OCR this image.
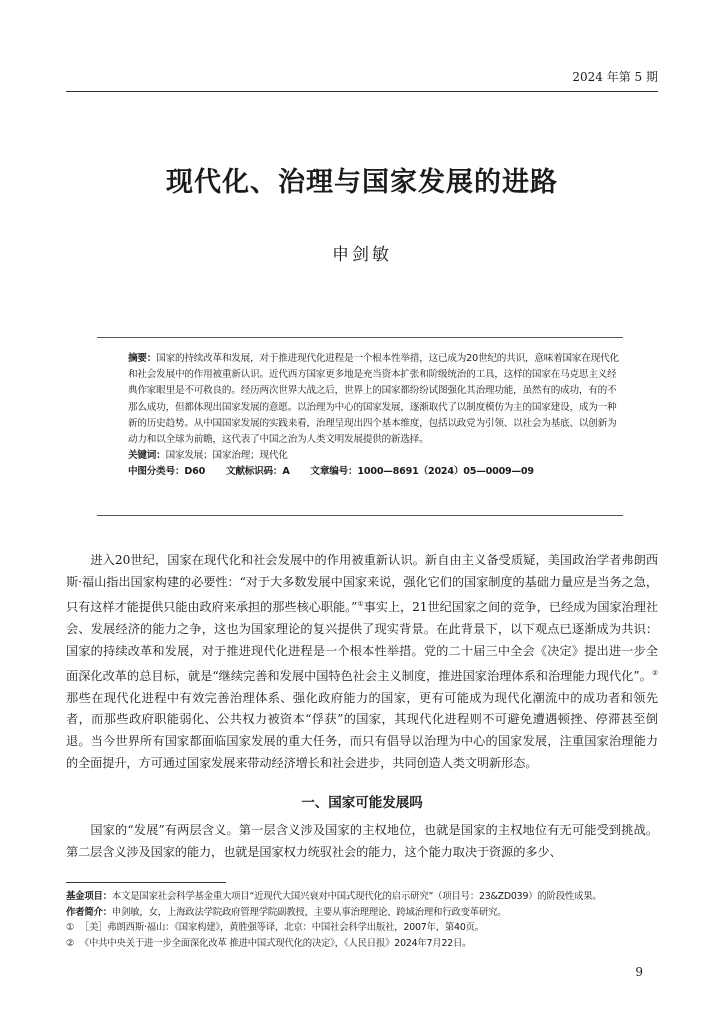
2024 年第 5 期
现代化、治理与国家发展的进路
申剑敏
摘要：国家的持续改革和发展，对于推进现代化进程是一个根本性举措，这已成为20世纪的共识，意味着国家在现代化和社会发展中的作用被重新认识。近代西方国家更多地是充当资本扩张和阶级统治的工具，这样的国家在马克思主义经典作家眼里是不可救良的。经历两次世界大战之后，世界上的国家都纷纷试图强化其治理功能，虽然有的成功，有的不那么成功，但都体现出国家发展的意愿。以治理为中心的国家发展，逐渐取代了以制度模仿为主的国家建设，成为一种新的历史趋势。从中国国家发展的实践来看，治理呈现出四个基本维度，包括以政党为引领、以社会为基底、以创新为动力和以全球为前瞻，这代表了中国之治为人类文明发展提供的新选择。
关键词：国家发展；国家治理；现代化
中图分类号：D60 文献标识码：A 文章编号：1000—8691（2024）05—0009—09

进入20世纪，国家在现代化和社会发展中的作用被重新认识。新自由主义备受质疑，美国政治学者弗朗西斯·福山指出国家构建的必要性：“对于大多数发展中国家来说，强化它们的国家制度的基础力量应是当务之急，只有这样才能提供只能由政府来承担的那些核心职能。”①事实上，21世纪国家之间的竞争，已经成为国家治理社会、发展经济的能力之争，这也为国家理论的复兴提供了现实背景。在此背景下，以下观点已逐渐成为共识：国家的持续改革和发展，对于推进现代化进程是一个根本性举措。党的二十届三中全会《决定》提出进一步全面深化改革的总目标，就是“继续完善和发展中国特色社会主义制度，推进国家治理体系和治理能力现代化”。②那些在现代化进程中有效完善治理体系、强化政府能力的国家，更有可能成为现代化潮流中的成功者和领先者，而那些政府职能弱化、公共权力被资本“俘获”的国家，其现代化进程则不可避免遭遇顿挫、停滞甚至倒退。当今世界所有国家都面临国家发展的重大任务，而只有倡导以治理为中心的国家发展，注重国家治理能力的全面提升，方可通过国家发展来带动经济增长和社会进步，共同创造人类文明新形态。

一、国家可能发展吗

国家的“发展”有两层含义。第一层含义涉及国家的主权地位，也就是国家的主权地位有无可能受到挑战。第二层含义涉及国家的能力，也就是国家权力统驭社会的能力，这个能力取决于资源的多少、

基金项目：本文是国家社会科学基金重大项目“近现代大国兴衰对中国式现代化的启示研究”（项目号：23&ZD039）的阶段性成果。
作者简介：申剑敏，女，上海政法学院政府管理学院副教授，主要从事治理理论、跨域治理和行政变革研究。
① ［美］弗朗西斯·福山：《国家构建》，黄胜强等译，北京：中国社会科学出版社，2007年，第40页。
② 《中共中央关于进一步全面深化改革 推进中国式现代化的决定》，《人民日报》2024年7月22日。
9
